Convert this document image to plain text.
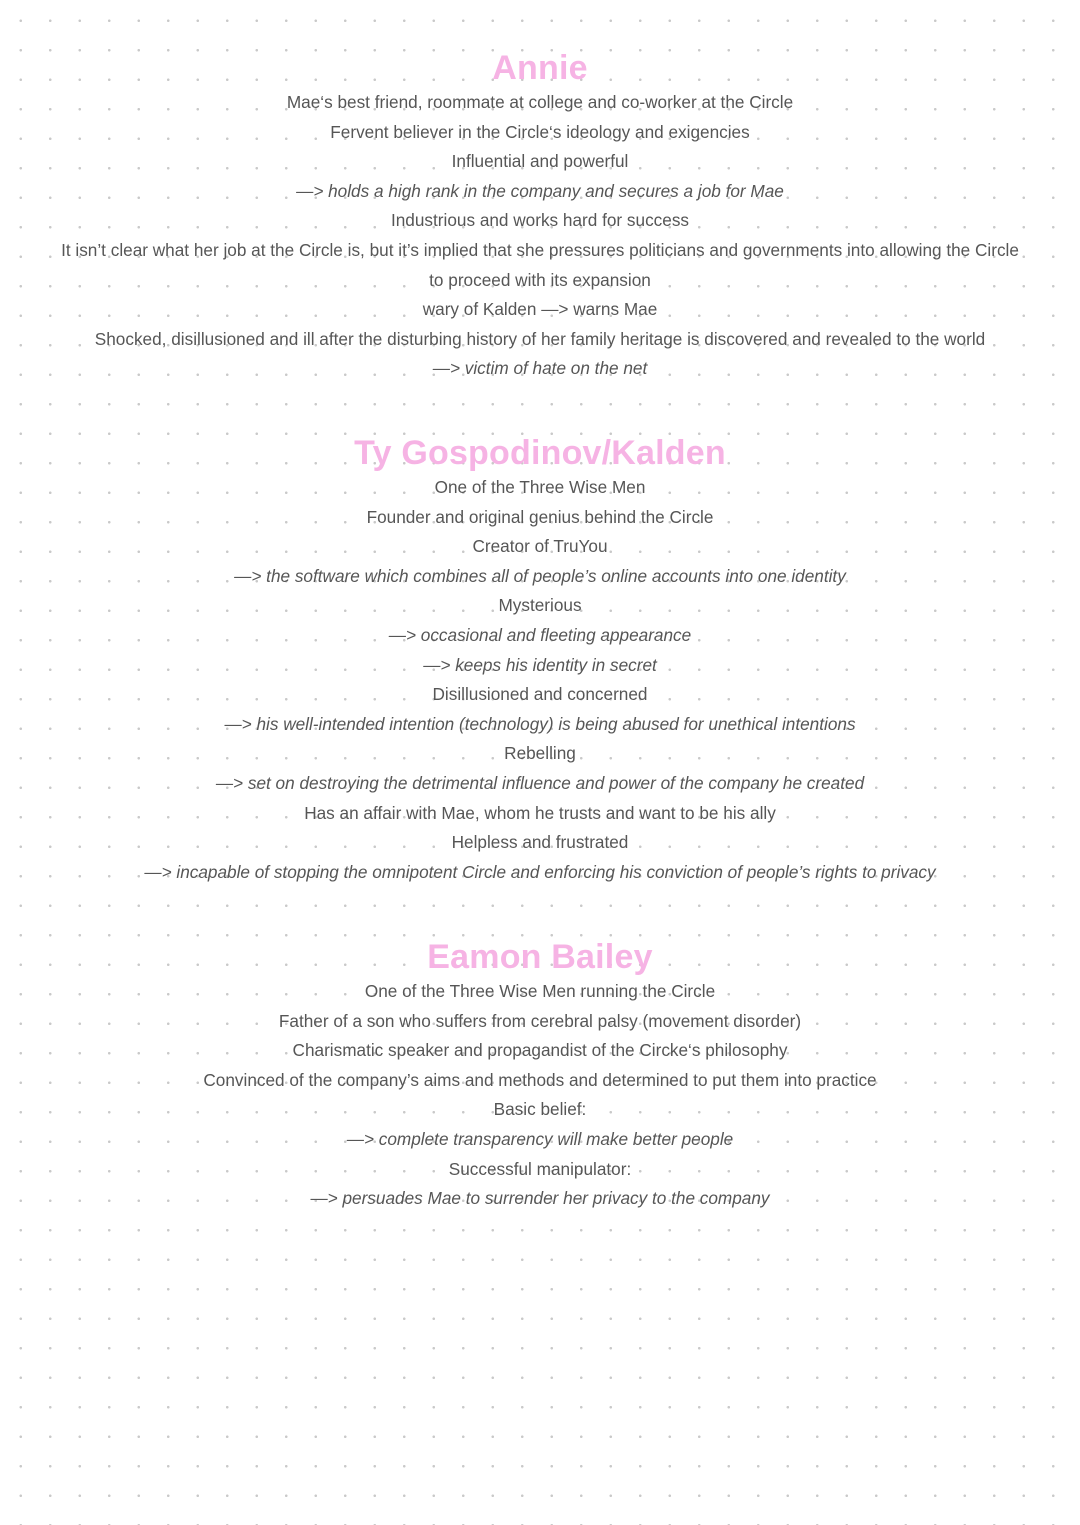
Annie
Mae‘s best friend, roommate at college and co-worker at the Circle
Fervent believer in the Circle‘s ideology and exigencies
Influential and powerful
—> holds a high rank in the company and secures a job for Mae
Industrious and works hard for success
It isn’t clear what her job at the Circle is, but it’s implied that she pressures politicians and governments into allowing the Circle to proceed with its expansion
wary of Kalden —> warns Mae
Shocked, disillusioned and ill after the disturbing history of her family heritage is discovered and revealed to the world
—> victim of hate on the net
Ty Gospodinov/Kalden
One of the Three Wise Men
Founder and original genius behind the Circle
Creator of TruYou
—> the software which combines all of people’s online accounts into one identity
Mysterious
—> occasional and fleeting appearance
—> keeps his identity in secret
Disillusioned and concerned
—> his well-intended intention (technology) is being abused for unethical intentions
Rebelling
—> set on destroying the detrimental influence and power of the company he created
Has an affair with Mae, whom he trusts and want to be his ally
Helpless and frustrated
—> incapable of stopping the omnipotent Circle and enforcing his conviction of people’s rights to privacy
Eamon Bailey
One of the Three Wise Men running the Circle
Father of a son who suffers from cerebral palsy (movement disorder)
Charismatic speaker and propagandist of the Circke‘s philosophy
Convinced of the company’s aims and methods and determined to put them into practice
Basic belief:
—> complete transparency will make better people
Successful manipulator:
—> persuades Mae to surrender her privacy to the company
